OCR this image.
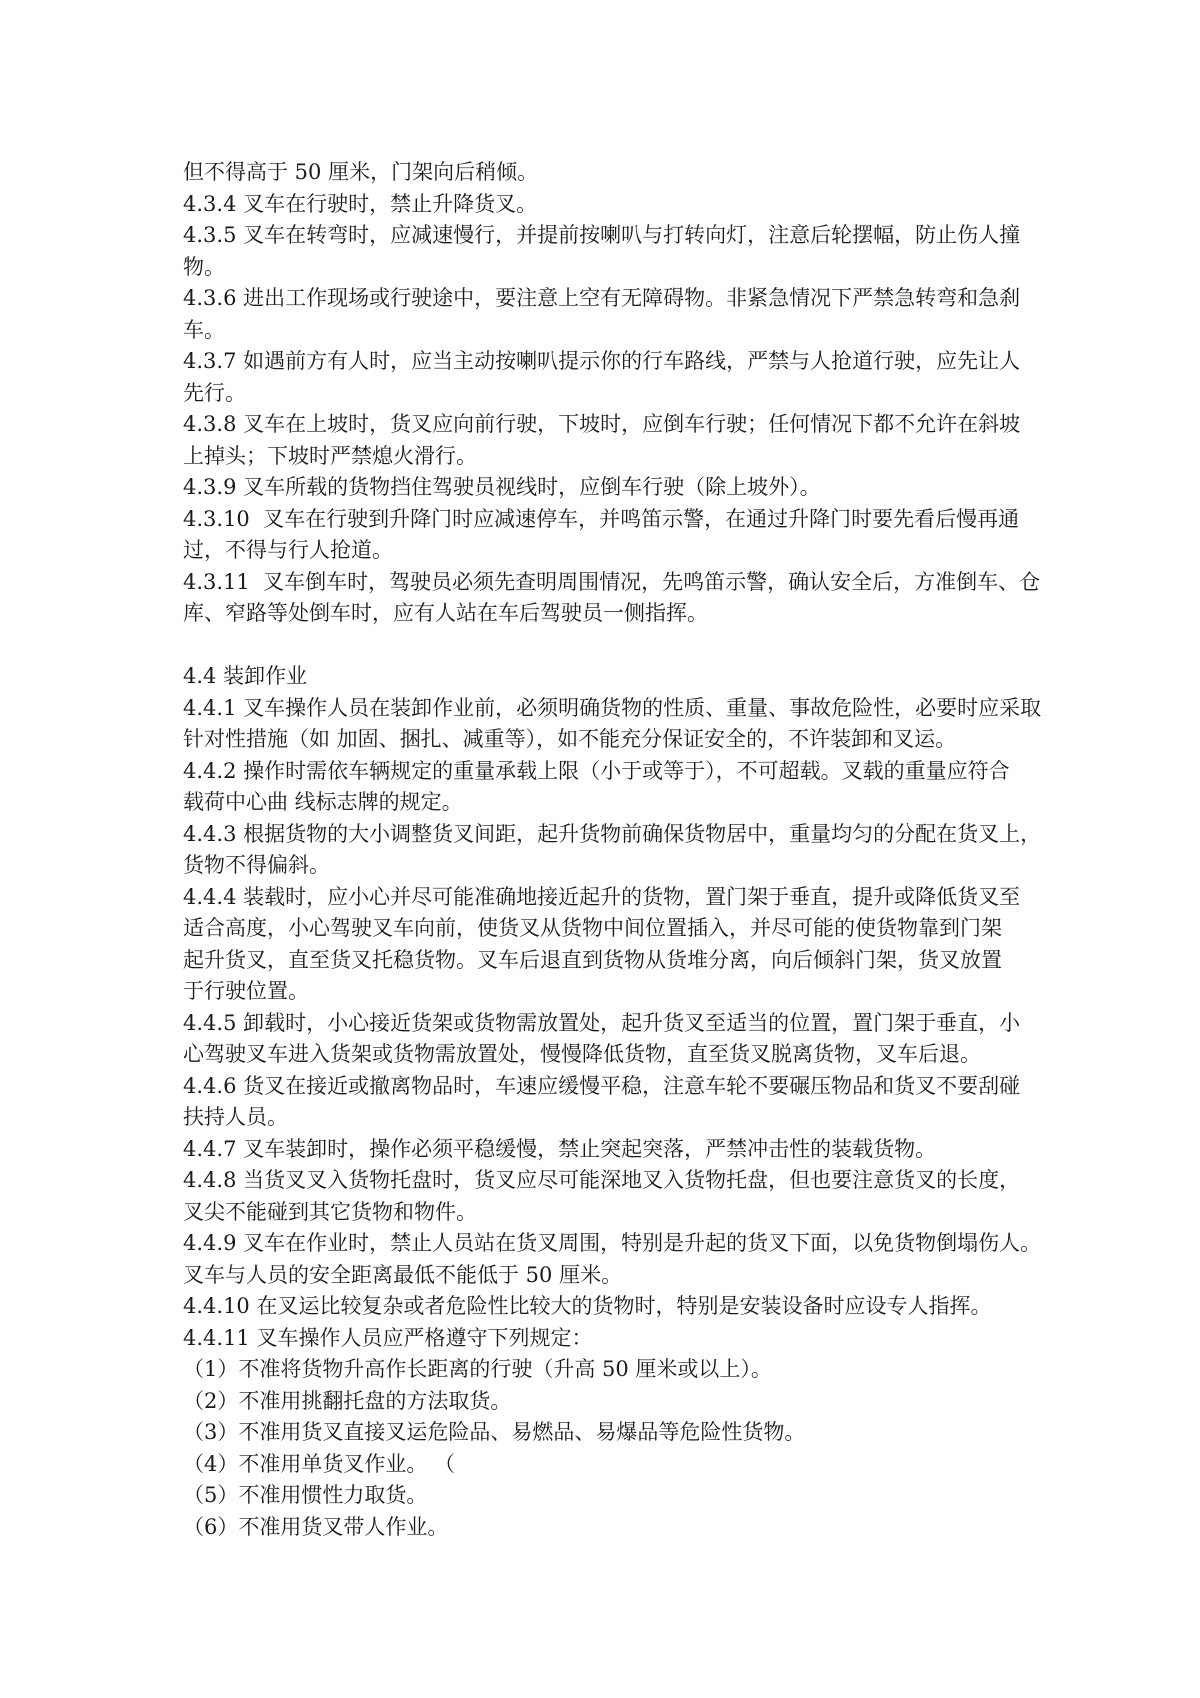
但不得高于 50 厘米，门架向后稍倾。
4.3.4 叉车在行驶时，禁止升降货叉。
4.3.5 叉车在转弯时，应减速慢行，并提前按喇叭与打转向灯，注意后轮摆幅，防止伤人撞
物。
4.3.6 进出工作现场或行驶途中，要注意上空有无障碍物。非紧急情况下严禁急转弯和急刹
车。
4.3.7 如遇前方有人时，应当主动按喇叭提示你的行车路线，严禁与人抢道行驶，应先让人
先行。
4.3.8 叉车在上坡时，货叉应向前行驶，下坡时，应倒车行驶；任何情况下都不允许在斜坡
上掉头；下坡时严禁熄火滑行。
4.3.9 叉车所载的货物挡住驾驶员视线时，应倒车行驶（除上坡外）。
4.3.10  叉车在行驶到升降门时应减速停车，并鸣笛示警，在通过升降门时要先看后慢再通
过，不得与行人抢道。
4.3.11  叉车倒车时，驾驶员必须先查明周围情况，先鸣笛示警，确认安全后，方准倒车、仓
库、窄路等处倒车时，应有人站在车后驾驶员一侧指挥。
4.4 装卸作业
4.4.1 叉车操作人员在装卸作业前，必须明确货物的性质、重量、事故危险性，必要时应采取
针对性措施（如 加固、捆扎、减重等），如不能充分保证安全的，不许装卸和叉运。
4.4.2 操作时需依车辆规定的重量承载上限（小于或等于），不可超载。叉载的重量应符合
载荷中心曲 线标志牌的规定。
4.4.3 根据货物的大小调整货叉间距，起升货物前确保货物居中，重量均匀的分配在货叉上，
货物不得偏斜。
4.4.4 装载时，应小心并尽可能准确地接近起升的货物，置门架于垂直，提升或降低货叉至
适合高度，小心驾驶叉车向前，使货叉从货物中间位置插入，并尽可能的使货物靠到门架
起升货叉，直至货叉托稳货物。叉车后退直到货物从货堆分离，向后倾斜门架，货叉放置
于行驶位置。
4.4.5 卸载时，小心接近货架或货物需放置处，起升货叉至适当的位置，置门架于垂直，小
心驾驶叉车进入货架或货物需放置处，慢慢降低货物，直至货叉脱离货物，叉车后退。
4.4.6 货叉在接近或撤离物品时，车速应缓慢平稳，注意车轮不要碾压物品和货叉不要刮碰
扶持人员。
4.4.7 叉车装卸时，操作必须平稳缓慢，禁止突起突落，严禁冲击性的装载货物。
4.4.8 当货叉叉入货物托盘时，货叉应尽可能深地叉入货物托盘，但也要注意货叉的长度，
叉尖不能碰到其它货物和物件。
4.4.9 叉车在作业时，禁止人员站在货叉周围，特别是升起的货叉下面，以免货物倒塌伤人。
叉车与人员的安全距离最低不能低于 50 厘米。
4.4.10 在叉运比较复杂或者危险性比较大的货物时，特别是安装设备时应设专人指挥。
4.4.11 叉车操作人员应严格遵守下列规定：
（1）不准将货物升高作长距离的行驶（升高 50 厘米或以上）。
（2）不准用挑翻托盘的方法取货。
（3）不准用货叉直接叉运危险品、易燃品、易爆品等危险性货物。
（4）不准用单货叉作业。 （
（5）不准用惯性力取货。
（6）不准用货叉带人作业。
